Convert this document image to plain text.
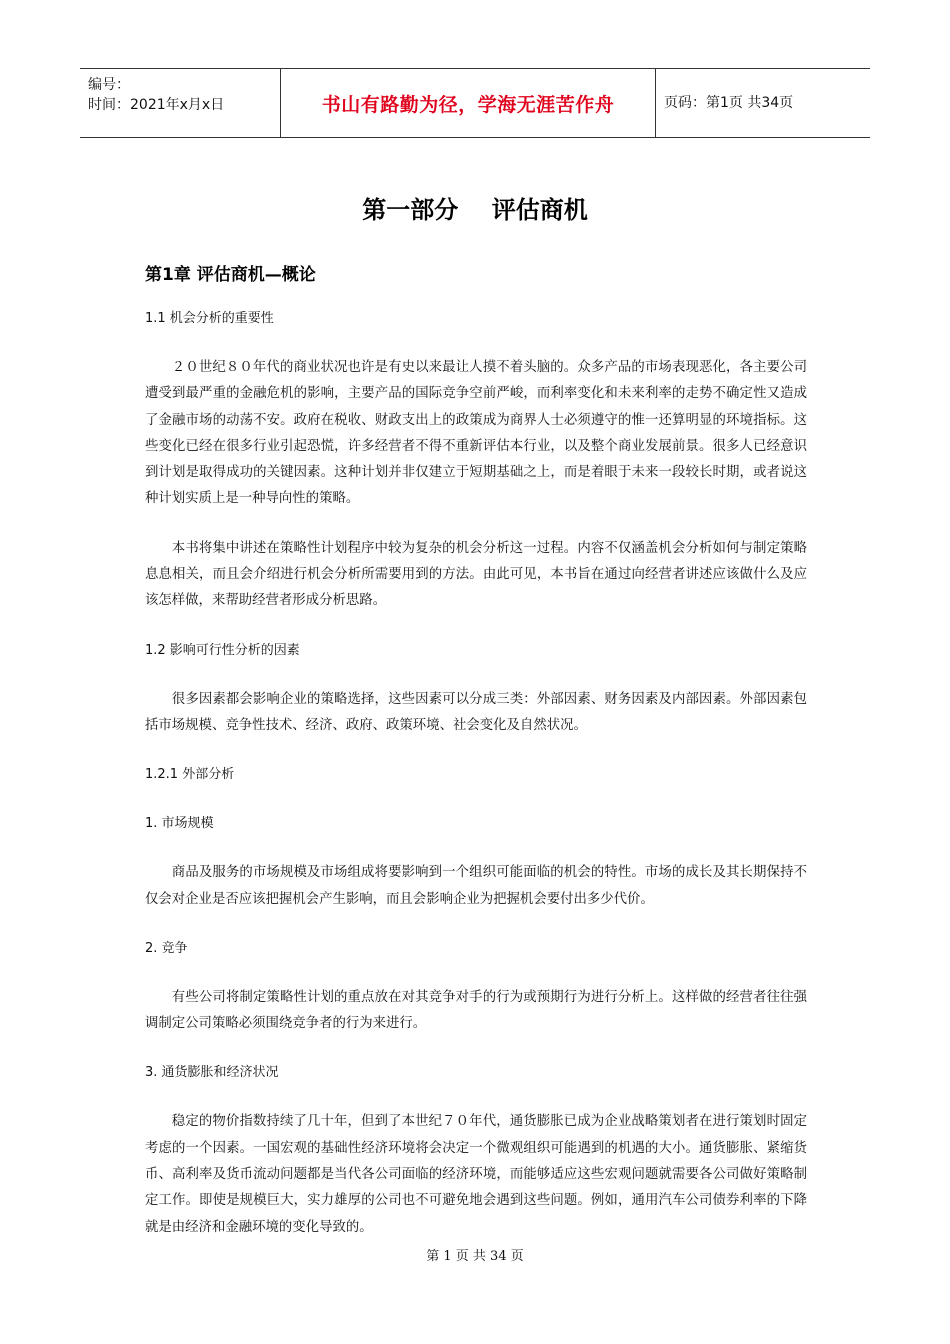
编号：
时间：2021年x月x日	书山有路勤为径，学海无涯苦作舟	页码：第1页 共34页
第一部分    评估商机
第1章 评估商机—概论
1.1 机会分析的重要性

２０世纪８０年代的商业状况也许是有史以来最让人摸不着头脑的。众多产品的市场表现恶化，各主要公司遭受到最严重的金融危机的影响，主要产品的国际竞争空前严峻，而利率变化和未来利率的走势不确定性又造成了金融市场的动荡不安。政府在税收、财政支出上的政策成为商界人士必须遵守的惟一还算明显的环境指标。这些变化已经在很多行业引起恐慌，许多经营者不得不重新评估本行业，以及整个商业发展前景。很多人已经意识到计划是取得成功的关键因素。这种计划并非仅建立于短期基础之上，而是着眼于未来一段较长时期，或者说这种计划实质上是一种导向性的策略。

本书将集中讲述在策略性计划程序中较为复杂的机会分析这一过程。内容不仅涵盖机会分析如何与制定策略息息相关，而且会介绍进行机会分析所需要用到的方法。由此可见，本书旨在通过向经营者讲述应该做什么及应该怎样做，来帮助经营者形成分析思路。

1.2 影响可行性分析的因素

很多因素都会影响企业的策略选择，这些因素可以分成三类：外部因素、财务因素及内部因素。外部因素包括市场规模、竞争性技术、经济、政府、政策环境、社会变化及自然状况。

1.2.1 外部分析
1. 市场规模

商品及服务的市场规模及市场组成将要影响到一个组织可能面临的机会的特性。市场的成长及其长期保持不仅会对企业是否应该把握机会产生影响，而且会影响企业为把握机会要付出多少代价。

2. 竞争

有些公司将制定策略性计划的重点放在对其竞争对手的行为或预期行为进行分析上。这样做的经营者往往强调制定公司策略必须围绕竞争者的行为来进行。

3. 通货膨胀和经济状况

稳定的物价指数持续了几十年，但到了本世纪７０年代，通货膨胀已成为企业战略策划者在进行策划时固定考虑的一个因素。一国宏观的基础性经济环境将会决定一个微观组织可能遇到的机遇的大小。通货膨胀、紧缩货币、高利率及货币流动问题都是当代各公司面临的经济环境，而能够适应这些宏观问题就需要各公司做好策略制定工作。即使是规模巨大，实力雄厚的公司也不可避免地会遇到这些问题。例如，通用汽车公司债券利率的下降就是由经济和金融环境的变化导致的。

第 1 页 共 34 页
